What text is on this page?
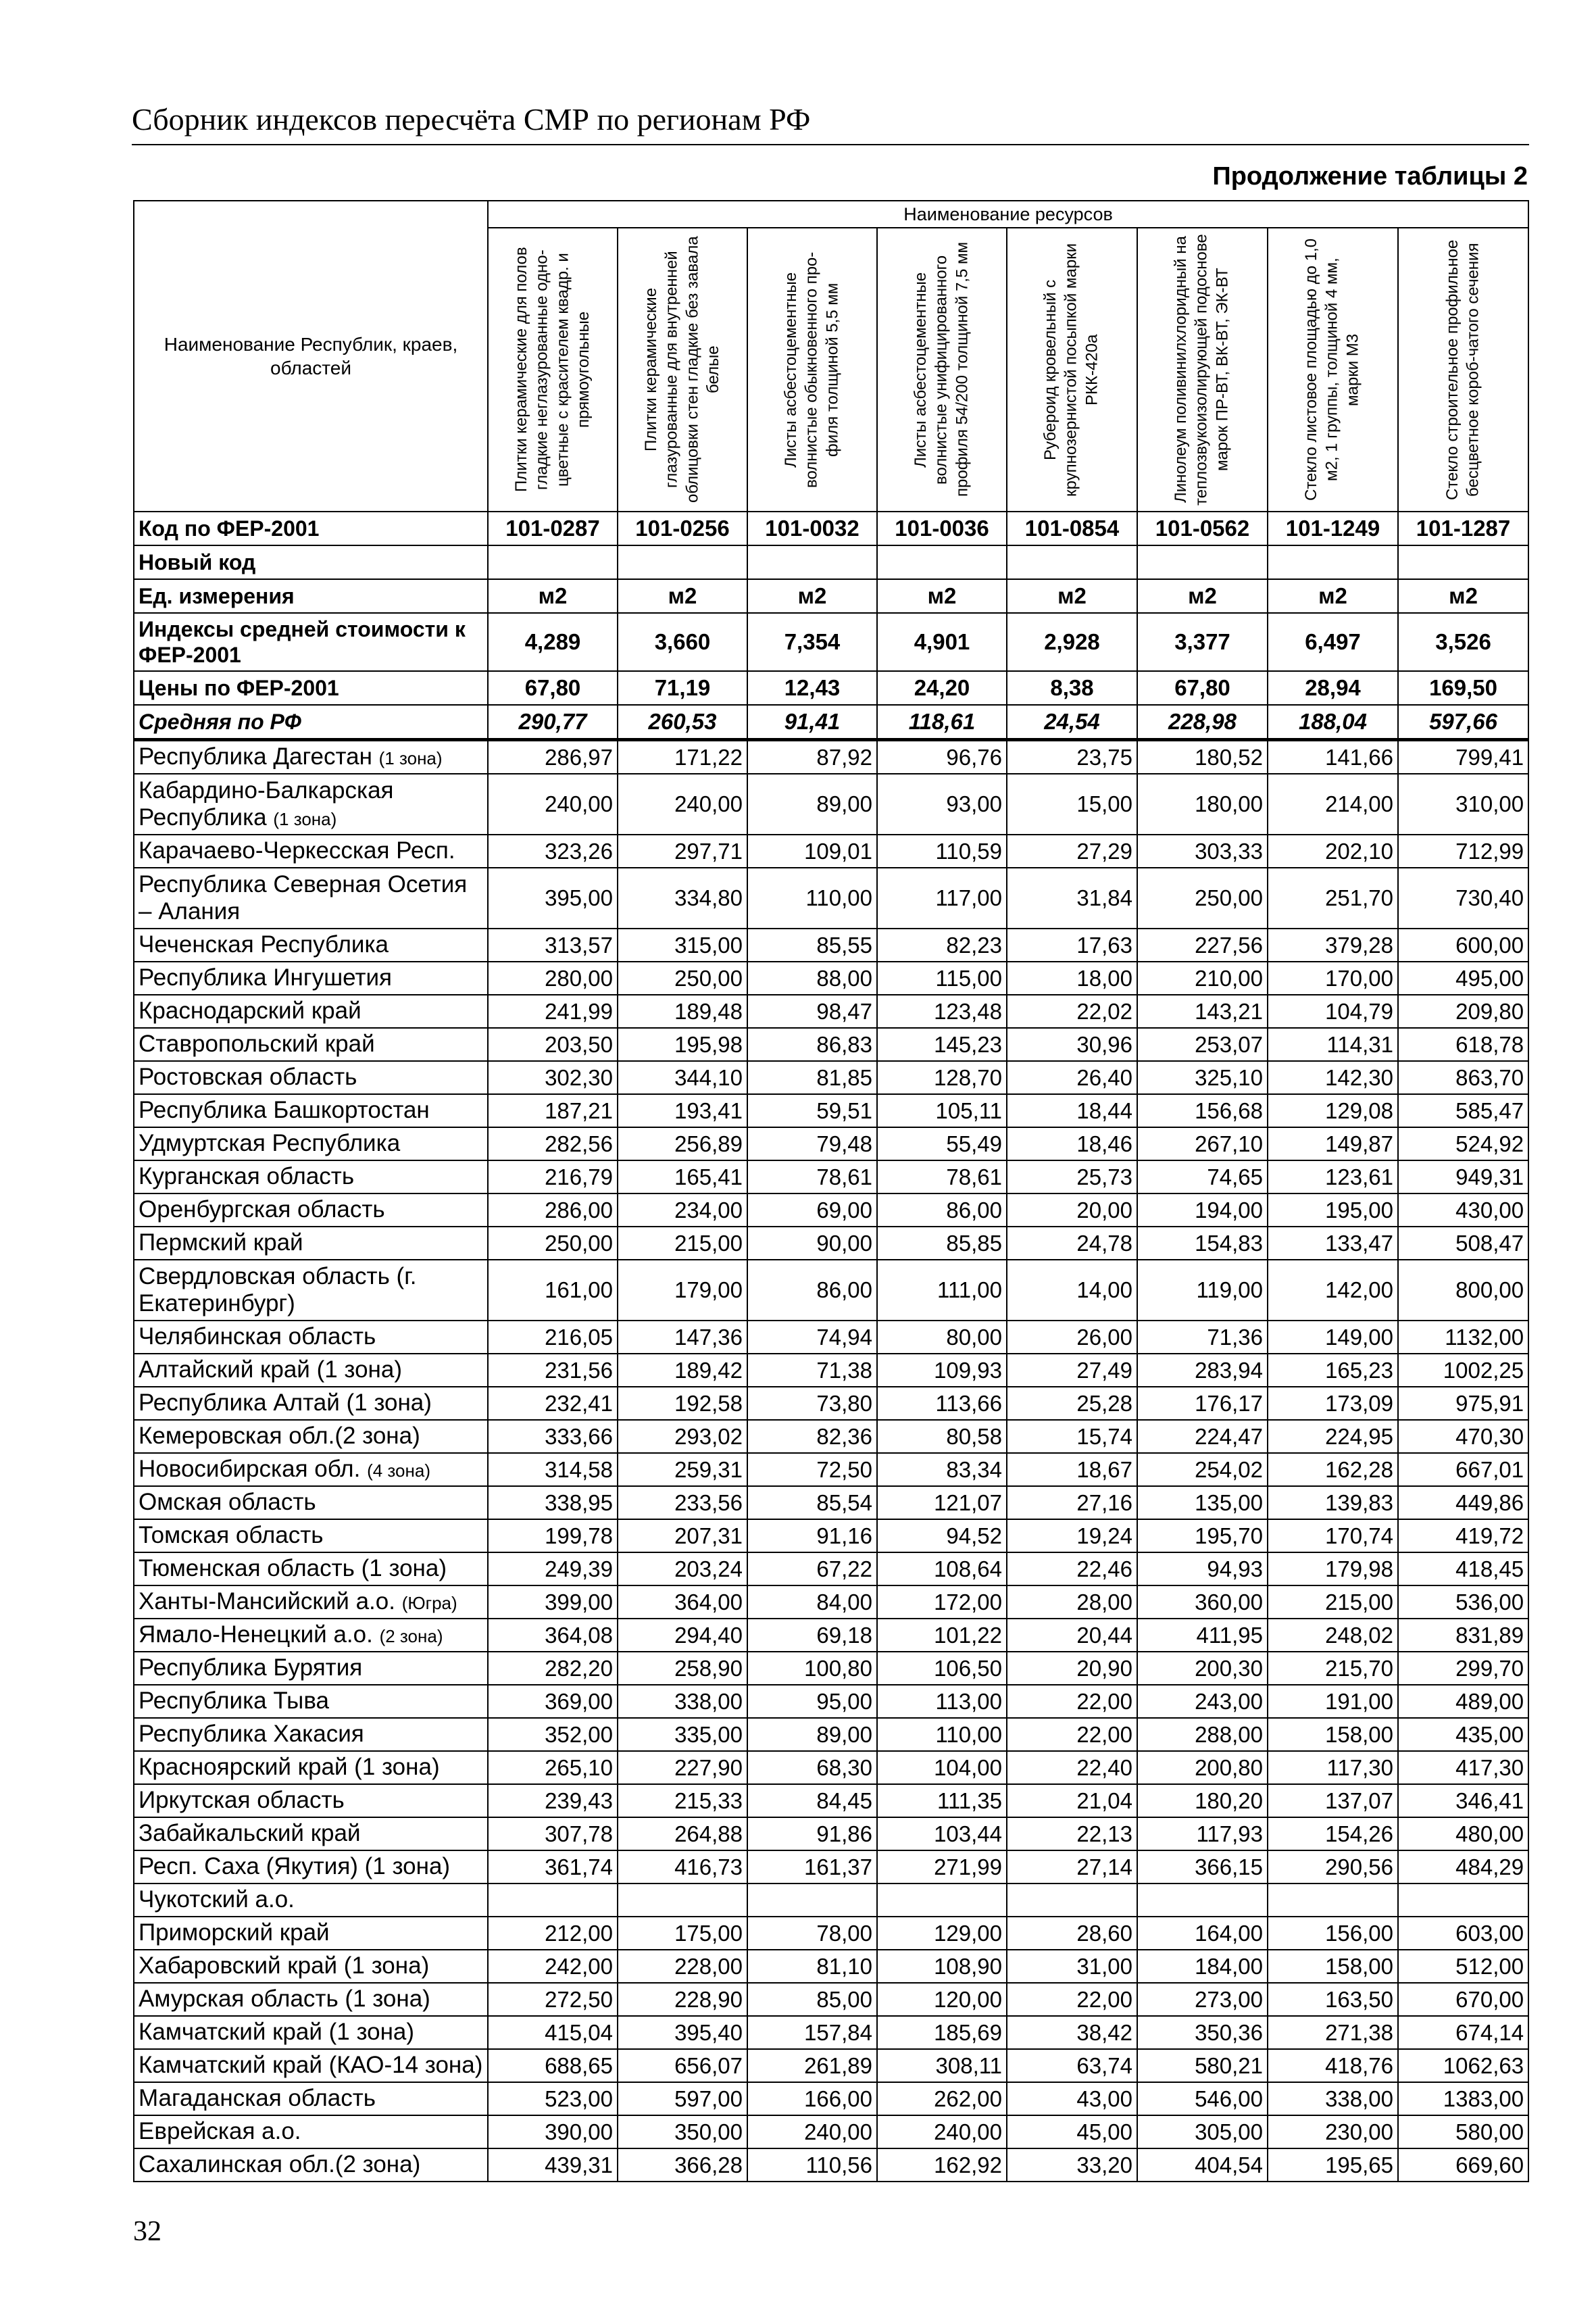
Сборник индексов пересчёта СМР по регионам РФ
Продолжение таблицы 2
Наименование Республик, краев, областей	Наименование ресурсов							

	Плитки керамические для полов гладкие неглазурованные одно-цветные с красителем квадр. и прямоугольные	Плитки керамические глазурованные для внутренней облицовки стен гладкие без завала белые	Листы асбестоцементные волнистые обыкновенного про-филя толщиной 5,5 мм	Листы асбестоцементные волнистые унифицированного профиля 54/200 толщиной 7,5 мм	Рубероид кровельный с крупнозернистой посыпкой марки РКК-420а	Линолеум поливинилхлоридный на теплозвукоизолирующей подоснове марок ПР-ВТ, ВК-ВТ, ЭК-ВТ	Стекло листовое площадью до 1,0 м2, 1 группы, толщиной 4 мм, марки М3	Стекло строительное профильное бесцветное короб-чатого сечения

Код по ФЕР-2001	101-0287	101-0256	101-0032	101-0036	101-0854	101-0562	101-1249	101-1287
Новый код								
Ед. измерения	м2	м2	м2	м2	м2	м2	м2	м2
Индексы средней стоимости к ФЕР-2001	4,289	3,660	7,354	4,901	2,928	3,377	6,497	3,526
Цены по ФЕР-2001	67,80	71,19	12,43	24,20	8,38	67,80	28,94	169,50
Средняя по РФ	290,77	260,53	91,41	118,61	24,54	228,98	188,04	597,66
Республика Дагестан (1 зона)	286,97	171,22	87,92	96,76	23,75	180,52	141,66	799,41
Кабардино-Балкарская Республика (1 зона)	240,00	240,00	89,00	93,00	15,00	180,00	214,00	310,00
Карачаево-Черкесская Респ.	323,26	297,71	109,01	110,59	27,29	303,33	202,10	712,99
Республика Северная Осетия – Алания	395,00	334,80	110,00	117,00	31,84	250,00	251,70	730,40
Чеченская Республика	313,57	315,00	85,55	82,23	17,63	227,56	379,28	600,00
Республика Ингушетия	280,00	250,00	88,00	115,00	18,00	210,00	170,00	495,00
Краснодарский край	241,99	189,48	98,47	123,48	22,02	143,21	104,79	209,80
Ставропольский край	203,50	195,98	86,83	145,23	30,96	253,07	114,31	618,78
Ростовская область	302,30	344,10	81,85	128,70	26,40	325,10	142,30	863,70
Республика Башкортостан	187,21	193,41	59,51	105,11	18,44	156,68	129,08	585,47
Удмуртская Республика	282,56	256,89	79,48	55,49	18,46	267,10	149,87	524,92
Курганская область	216,79	165,41	78,61	78,61	25,73	74,65	123,61	949,31
Оренбургская область	286,00	234,00	69,00	86,00	20,00	194,00	195,00	430,00
Пермский край	250,00	215,00	90,00	85,85	24,78	154,83	133,47	508,47
Свердловская область (г. Екатеринбург)	161,00	179,00	86,00	111,00	14,00	119,00	142,00	800,00
Челябинская область	216,05	147,36	74,94	80,00	26,00	71,36	149,00	1132,00
Алтайский край (1 зона)	231,56	189,42	71,38	109,93	27,49	283,94	165,23	1002,25
Республика Алтай (1 зона)	232,41	192,58	73,80	113,66	25,28	176,17	173,09	975,91
Кемеровская обл.(2 зона)	333,66	293,02	82,36	80,58	15,74	224,47	224,95	470,30
Новосибирская обл. (4 зона)	314,58	259,31	72,50	83,34	18,67	254,02	162,28	667,01
Омская область	338,95	233,56	85,54	121,07	27,16	135,00	139,83	449,86
Томская область	199,78	207,31	91,16	94,52	19,24	195,70	170,74	419,72
Тюменская область (1 зона)	249,39	203,24	67,22	108,64	22,46	94,93	179,98	418,45
Ханты-Мансийский а.о. (Югра)	399,00	364,00	84,00	172,00	28,00	360,00	215,00	536,00
Ямало-Ненецкий а.о. (2 зона)	364,08	294,40	69,18	101,22	20,44	411,95	248,02	831,89
Республика Бурятия	282,20	258,90	100,80	106,50	20,90	200,30	215,70	299,70
Республика Тыва	369,00	338,00	95,00	113,00	22,00	243,00	191,00	489,00
Республика Хакасия	352,00	335,00	89,00	110,00	22,00	288,00	158,00	435,00
Красноярский край (1 зона)	265,10	227,90	68,30	104,00	22,40	200,80	117,30	417,30
Иркутская область	239,43	215,33	84,45	111,35	21,04	180,20	137,07	346,41
Забайкальский край	307,78	264,88	91,86	103,44	22,13	117,93	154,26	480,00
Респ. Саха (Якутия) (1 зона)	361,74	416,73	161,37	271,99	27,14	366,15	290,56	484,29
Чукотский а.о.								
Приморский край	212,00	175,00	78,00	129,00	28,60	164,00	156,00	603,00
Хабаровский край (1 зона)	242,00	228,00	81,10	108,90	31,00	184,00	158,00	512,00
Амурская область (1 зона)	272,50	228,90	85,00	120,00	22,00	273,00	163,50	670,00
Камчатский край (1 зона)	415,04	395,40	157,84	185,69	38,42	350,36	271,38	674,14
Камчатский край (КАО-14 зона)	688,65	656,07	261,89	308,11	63,74	580,21	418,76	1062,63
Магаданская область	523,00	597,00	166,00	262,00	43,00	546,00	338,00	1383,00
Еврейская а.о.	390,00	350,00	240,00	240,00	45,00	305,00	230,00	580,00
Сахалинская обл.(2 зона)	439,31	366,28	110,56	162,92	33,20	404,54	195,65	669,60
32
